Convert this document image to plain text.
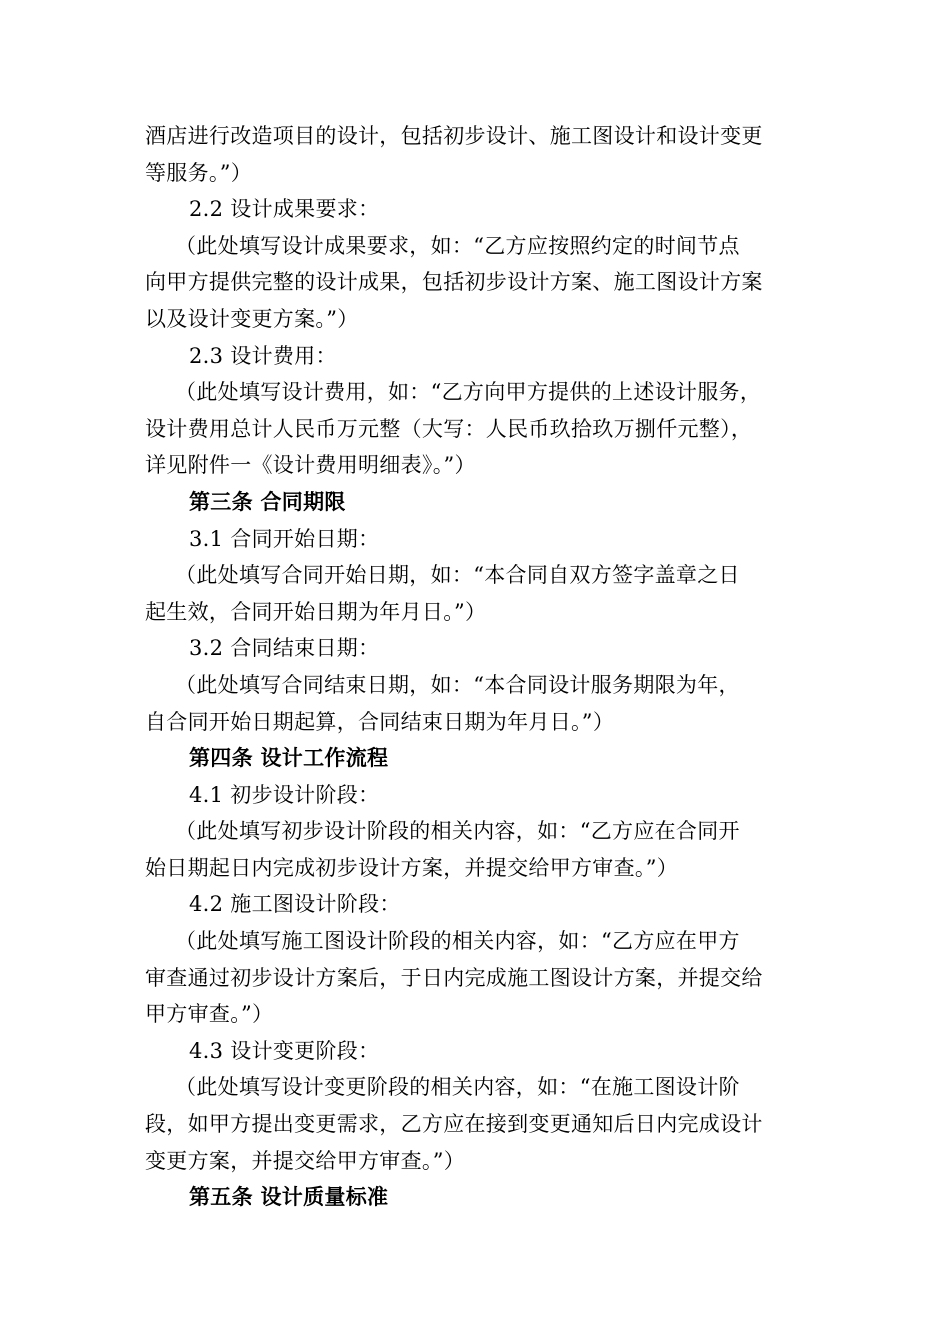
酒店进行改造项目的设计，包括初步设计、施工图设计和设计变更
等服务。”）
2.2 设计成果要求：
（此处填写设计成果要求，如：“乙方应按照约定的时间节点
向甲方提供完整的设计成果，包括初步设计方案、施工图设计方案
以及设计变更方案。”）
2.3 设计费用：
（此处填写设计费用，如：“乙方向甲方提供的上述设计服务，
设计费用总计人民币万元整（大写：人民币玖拾玖万捌仟元整），
详见附件一《设计费用明细表》。”）
第三条 合同期限
3.1 合同开始日期：
（此处填写合同开始日期，如：“本合同自双方签字盖章之日
起生效，合同开始日期为年月日。”）
3.2 合同结束日期：
（此处填写合同结束日期，如：“本合同设计服务期限为年，
自合同开始日期起算，合同结束日期为年月日。”）
第四条 设计工作流程
4.1 初步设计阶段：
（此处填写初步设计阶段的相关内容，如：“乙方应在合同开
始日期起日内完成初步设计方案，并提交给甲方审查。”）
4.2 施工图设计阶段：
（此处填写施工图设计阶段的相关内容，如：“乙方应在甲方
审查通过初步设计方案后，于日内完成施工图设计方案，并提交给
甲方审查。”）
4.3 设计变更阶段：
（此处填写设计变更阶段的相关内容，如：“在施工图设计阶
段，如甲方提出变更需求，乙方应在接到变更通知后日内完成设计
变更方案，并提交给甲方审查。”）
第五条 设计质量标准
